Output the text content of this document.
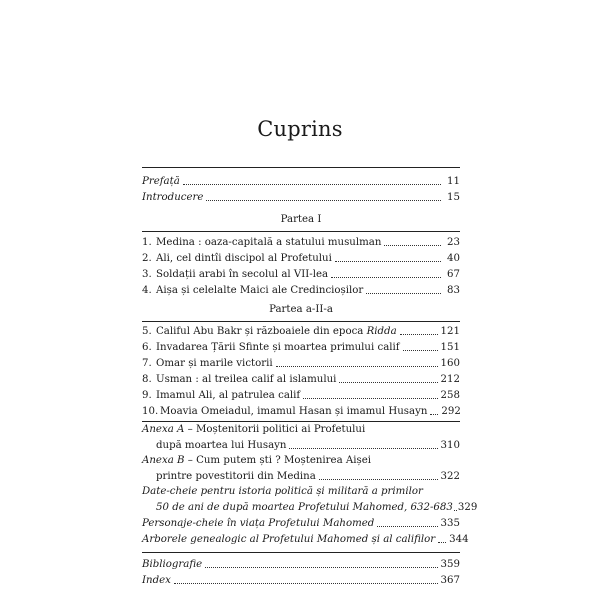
Cuprins
Prefață	11
Introducere	15
Partea I
1. Medina : oaza-capitală a statului musulman	23
2. Ali, cel dintîi discipol al Profetului	40
3. Soldații arabi în secolul al VII-lea	67
4. Aișa și celelalte Maici ale Credincioșilor	83
Partea a-II-a
5. Califul Abu Bakr și războaiele din epoca Ridda	121
6. Invadarea Țării Sfinte și moartea primului calif	151
7. Omar și marile victorii	160
8. Usman : al treilea calif al islamului	212
9. Imamul Ali, al patrulea calif	258
10. Moavia Omeiadul, imamul Hasan și imamul Husayn 292
Anexa A – Moștenitorii politici ai Profetului
după moartea lui Husayn	310
Anexa B – Cum putem ști ? Moștenirea Aișei
printre povestitorii din Medina	322
Date-cheie pentru istoria politică și militară a primilor
50 de ani de după moartea Profetului Mahomed, 632-683 329
Personaje-cheie în viața Profetului Mahomed	335
Arborele genealogic al Profetului Mahomed și al califilor 344
Bibliografie	359
Index	367
